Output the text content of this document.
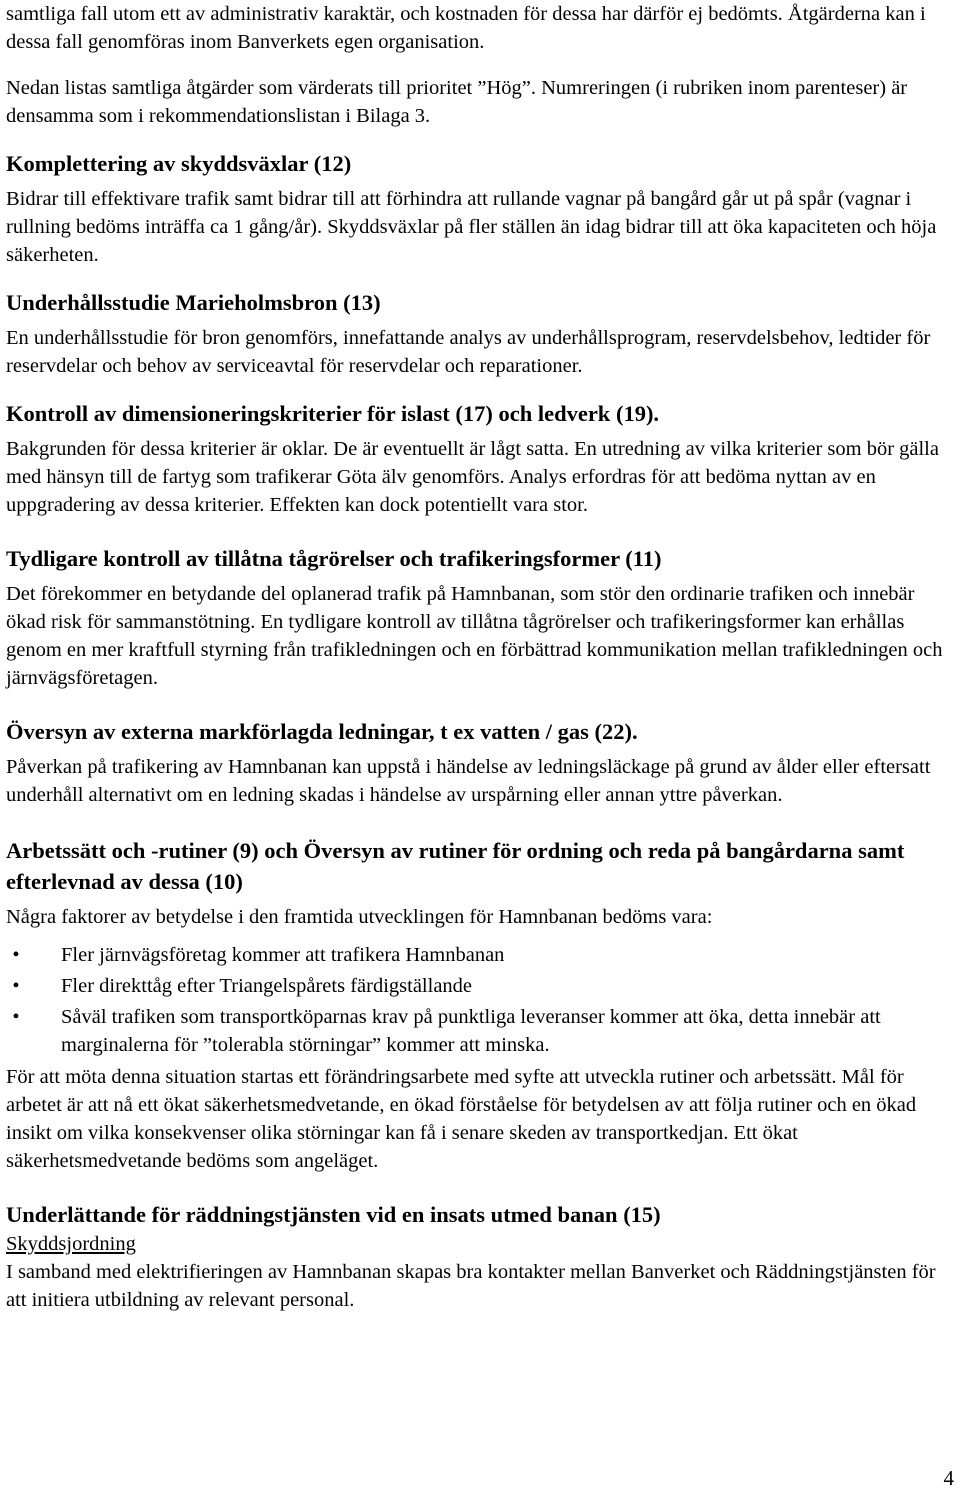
samtliga fall utom ett av administrativ karaktär, och kostnaden för dessa har därför ej bedömts. Åtgärderna kan i dessa fall genomföras inom Banverkets egen organisation.

Nedan listas samtliga åtgärder som värderats till prioritet ”Hög”. Numreringen (i rubriken inom parenteser) är densamma som i rekommendationslistan i Bilaga 3.

Komplettering av skyddsväxlar (12)

Bidrar till effektivare trafik samt bidrar till att förhindra att rullande vagnar på bangård går ut på spår (vagnar i rullning bedöms inträffa ca 1 gång/år). Skyddsväxlar på fler ställen än idag bidrar till att öka kapaciteten och höja säkerheten.

Underhållsstudie Marieholmsbron (13)

En underhållsstudie för bron genomförs, innefattande analys av underhållsprogram, reservdelsbehov, ledtider för reservdelar och behov av serviceavtal för reservdelar och reparationer.

Kontroll av dimensioneringskriterier för islast (17) och ledverk (19).

Bakgrunden för dessa kriterier är oklar. De är eventuellt är lågt satta. En utredning av vilka kriterier som bör gälla med hänsyn till de fartyg som trafikerar Göta älv genomförs. Analys erfordras för att bedöma nyttan av en uppgradering av dessa kriterier. Effekten kan dock potentiellt vara stor.

Tydligare kontroll av tillåtna tågrörelser och trafikeringsformer (11)

Det förekommer en betydande del oplanerad trafik på Hamnbanan, som stör den ordinarie trafiken och innebär ökad risk för sammanstötning. En tydligare kontroll av tillåtna tågrörelser och trafikeringsformer kan erhållas genom en mer kraftfull styrning från trafikledningen och en förbättrad kommunikation mellan trafikledningen och järnvägsföretagen.

Översyn av externa markförlagda ledningar, t ex vatten / gas (22).

Påverkan på trafikering av Hamnbanan kan uppstå i händelse av ledningsläckage på grund av ålder eller eftersatt underhåll alternativt om en ledning skadas i händelse av urspårning eller annan yttre påverkan.

Arbetssätt och -rutiner (9) och Översyn av rutiner för ordning och reda på bangårdarna samt efterlevnad av dessa (10)

Några faktorer av betydelse i den framtida utvecklingen för Hamnbanan bedöms vara:

•	Fler järnvägsföretag kommer att trafikera Hamnbanan
•	Fler direkttåg efter Triangelspårets färdigställande
•	Såväl trafiken som transportköparnas krav på punktliga leveranser kommer att öka, detta innebär att marginalerna för ”tolerabla störningar” kommer att minska.

För att möta denna situation startas ett förändringsarbete med syfte att utveckla rutiner och arbetssätt. Mål för arbetet är att nå ett ökat säkerhetsmedvetande, en ökad förståelse för betydelsen av att följa rutiner och en ökad insikt om vilka konsekvenser olika störningar kan få i senare skeden av transportkedjan. Ett ökat säkerhetsmedvetande bedöms som angeläget.

Underlättande för räddningstjänsten vid en insats utmed banan (15)
Skyddsjordning

I samband med elektrifieringen av Hamnbanan skapas bra kontakter mellan Banverket och Räddningstjänsten för att initiera utbildning av relevant personal.

4
